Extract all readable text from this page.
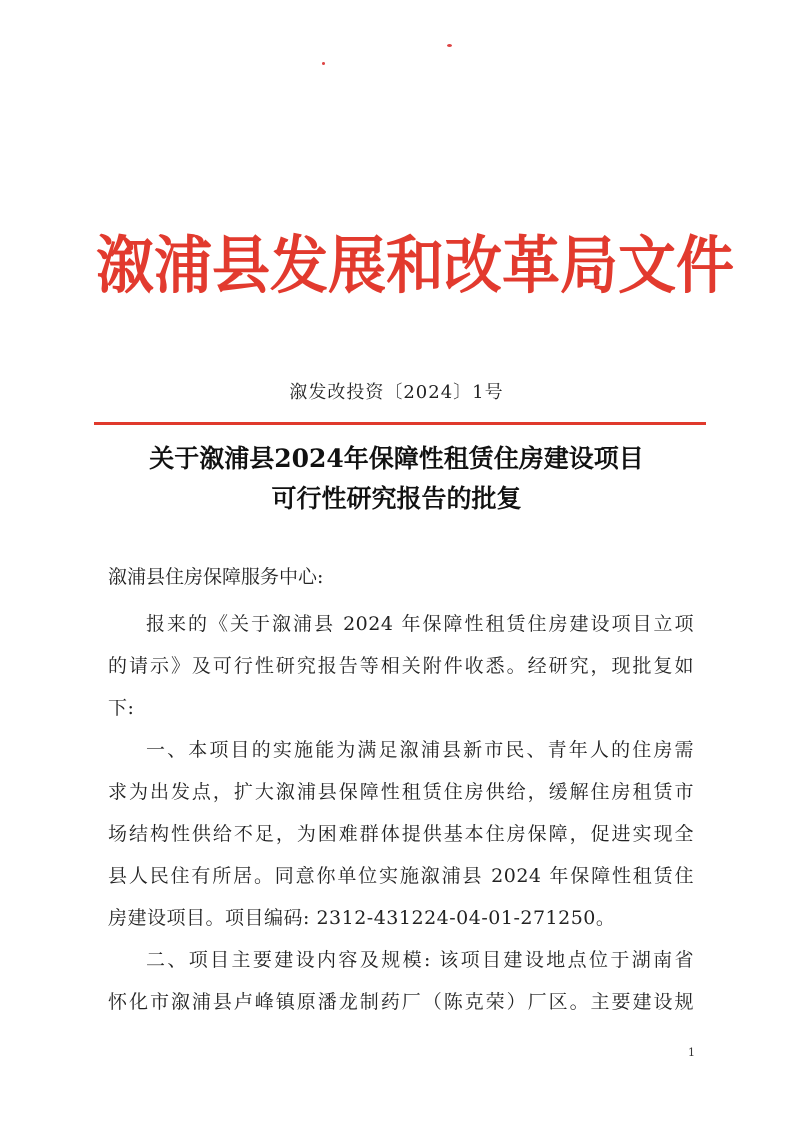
溆浦县发展和改革局文件
溆发改投资〔2024〕1号
关于溆浦县2024年保障性租赁住房建设项目
可行性研究报告的批复
溆浦县住房保障服务中心:
报来的《关于溆浦县 2024 年保障性租赁住房建设项目立项
的请示》及可行性研究报告等相关附件收悉。经研究，现批复如
下:
一、本项目的实施能为满足溆浦县新市民、青年人的住房需
求为出发点，扩大溆浦县保障性租赁住房供给，缓解住房租赁市
场结构性供给不足，为困难群体提供基本住房保障，促进实现全
县人民住有所居。同意你单位实施溆浦县 2024 年保障性租赁住
房建设项目。项目编码: 2312-431224-04-01-271250。
二、项目主要建设内容及规模: 该项目建设地点位于湖南省
怀化市溆浦县卢峰镇原潘龙制药厂（陈克荣）厂区。主要建设规
1
